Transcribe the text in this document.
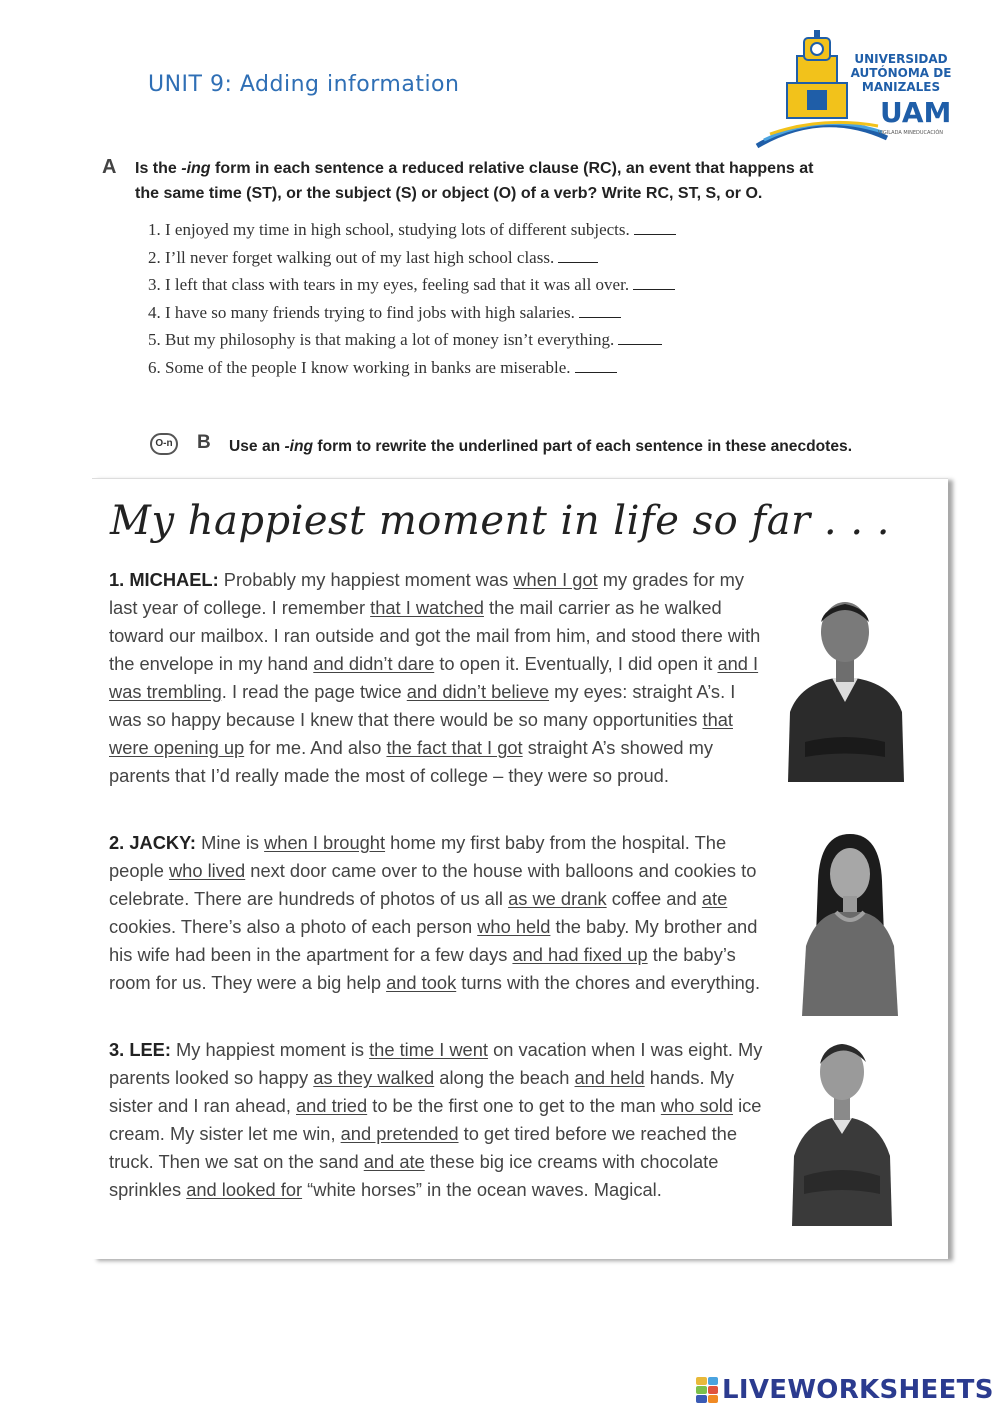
UNIT 9: Adding information
UNIVERSIDAD
AUTÓNOMA DE
MANIZALES
UAM
VIGILADA MINEDUCACIÓN
A Is the -ing form in each sentence a reduced relative clause (RC), an event that happens at
the same time (ST), or the subject (S) or object (O) of a verb? Write RC, ST, S, or O.
1. I enjoyed my time in high school, studying lots of different subjects.
2. I’ll never forget walking out of my last high school class.
3. I left that class with tears in my eyes, feeling sad that it was all over.
4. I have so many friends trying to find jobs with high salaries.
5. But my philosophy is that making a lot of money isn’t everything.
6. Some of the people I know working in banks are miserable.
O-n B Use an -ing form to rewrite the underlined part of each sentence in these anecdotes.
My happiest moment in life so far . . .
1. MICHAEL: Probably my happiest moment was when I got my grades for my last year of college. I remember that I watched the mail carrier as he walked toward our mailbox. I ran outside and got the mail from him, and stood there with the envelope in my hand and didn’t dare to open it. Eventually, I did open it and I was trembling. I read the page twice and didn’t believe my eyes: straight A’s. I was so happy because I knew that there would be so many opportunities that were opening up for me. And also the fact that I got straight A’s showed my parents that I’d really made the most of college – they were so proud.
2. JACKY: Mine is when I brought home my first baby from the hospital. The people who lived next door came over to the house with balloons and cookies to celebrate. There are hundreds of photos of us all as we drank coffee and ate cookies. There’s also a photo of each person who held the baby. My brother and his wife had been in the apartment for a few days and had fixed up the baby’s room for us. They were a big help and took turns with the chores and everything.
3. LEE: My happiest moment is the time I went on vacation when I was eight. My parents looked so happy as they walked along the beach and held hands. My sister and I ran ahead, and tried to be the first one to get to the man who sold ice cream. My sister let me win, and pretended to get tired before we reached the truck. Then we sat on the sand and ate these big ice creams with chocolate sprinkles and looked for “white horses” in the ocean waves. Magical.
LIVEWORKSHEETS
